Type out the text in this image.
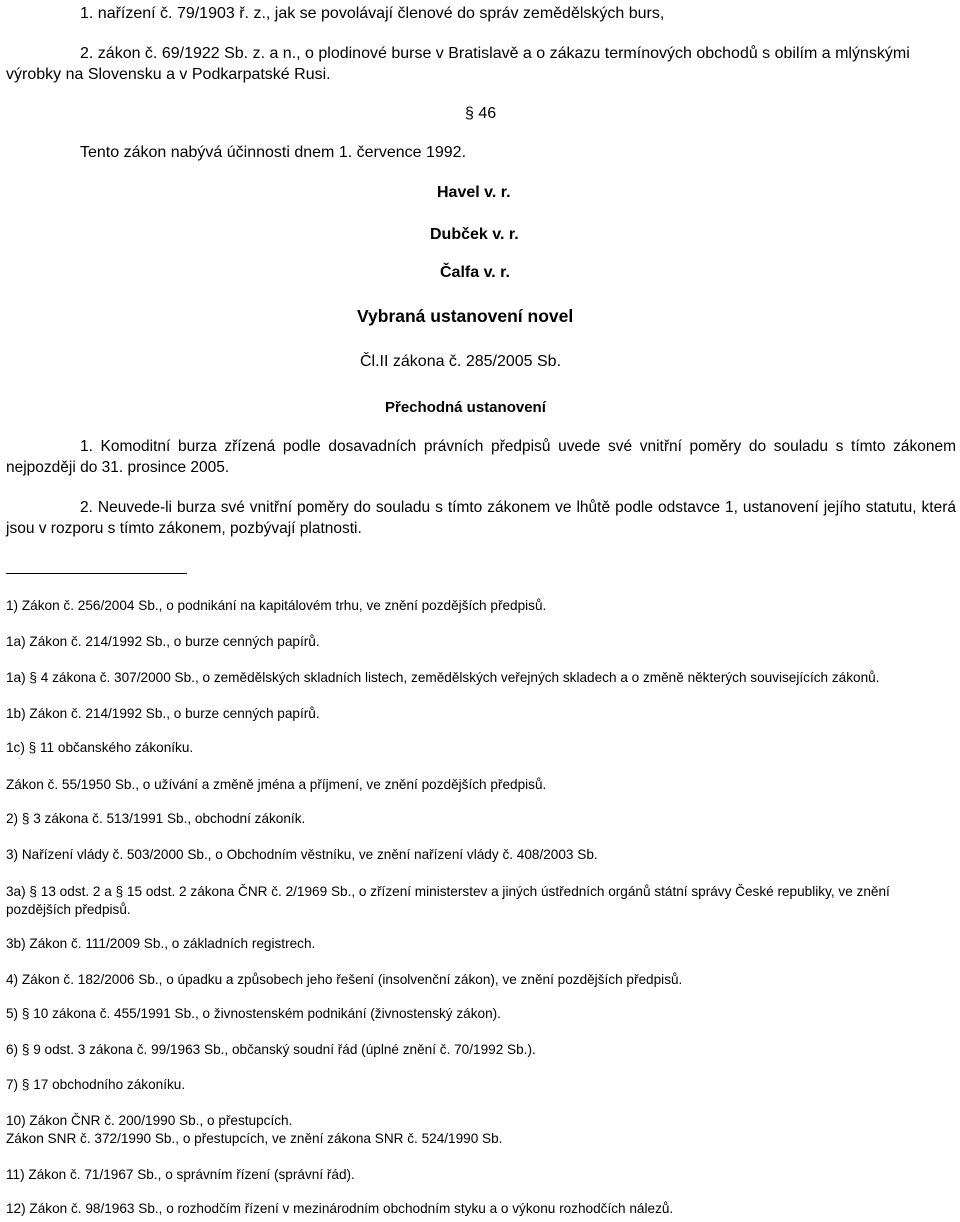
1. nařízení č. 79/1903 ř. z., jak se povolávají členové do správ zemědělských burs,
2. zákon č. 69/1922 Sb. z. a n., o plodinové burse v Bratislavě a o zákazu termínových obchodů s obilím a mlýnskými výrobky na Slovensku a v Podkarpatské Rusi.
§ 46
Tento zákon nabývá účinnosti dnem 1. července 1992.
Havel v. r.
Dubček v. r.
Čalfa v. r.
Vybraná ustanovení novel
Čl.II zákona č. 285/2005 Sb.
Přechodná ustanovení
1. Komoditní burza zřízená podle dosavadních právních předpisů uvede své vnitřní poměry do souladu s tímto zákonem nejpozději do 31. prosince 2005.
2. Neuvede-li burza své vnitřní poměry do souladu s tímto zákonem ve lhůtě podle odstavce 1, ustanovení jejího statutu, která jsou v rozporu s tímto zákonem, pozbývají platnosti.
1) Zákon č. 256/2004 Sb., o podnikání na kapitálovém trhu, ve znění pozdějších předpisů.
1a) Zákon č. 214/1992 Sb., o burze cenných papírů.
1a) § 4 zákona č. 307/2000 Sb., o zemědělských skladních listech, zemědělských veřejných skladech a o změně některých souvisejících zákonů.
1b) Zákon č. 214/1992 Sb., o burze cenných papírů.
1c) § 11 občanského zákoníku.
Zákon č. 55/1950 Sb., o užívání a změně jména a příjmení, ve znění pozdějších předpisů.
2) § 3 zákona č. 513/1991 Sb., obchodní zákoník.
3) Nařízení vlády č. 503/2000 Sb., o Obchodním věstníku, ve znění nařízení vlády č. 408/2003 Sb.
3a) § 13 odst. 2 a § 15 odst. 2 zákona ČNR č. 2/1969 Sb., o zřízení ministerstev a jiných ústředních orgánů státní správy České republiky, ve znění pozdějších předpisů.
3b) Zákon č. 111/2009 Sb., o základních registrech.
4) Zákon č. 182/2006 Sb., o úpadku a způsobech jeho řešení (insolvenční zákon), ve znění pozdějších předpisů.
5) § 10 zákona č. 455/1991 Sb., o živnostenském podnikání (živnostenský zákon).
6) § 9 odst. 3 zákona č. 99/1963 Sb., občanský soudní řád (úplné znění č. 70/1992 Sb.).
7) § 17 obchodního zákoníku.
10) Zákon ČNR č. 200/1990 Sb., o přestupcích.
Zákon SNR č. 372/1990 Sb., o přestupcích, ve znění zákona SNR č. 524/1990 Sb.
11) Zákon č. 71/1967 Sb., o správním řízení (správní řád).
12) Zákon č. 98/1963 Sb., o rozhodčím řízení v mezinárodním obchodním styku a o výkonu rozhodčích nálezů.
